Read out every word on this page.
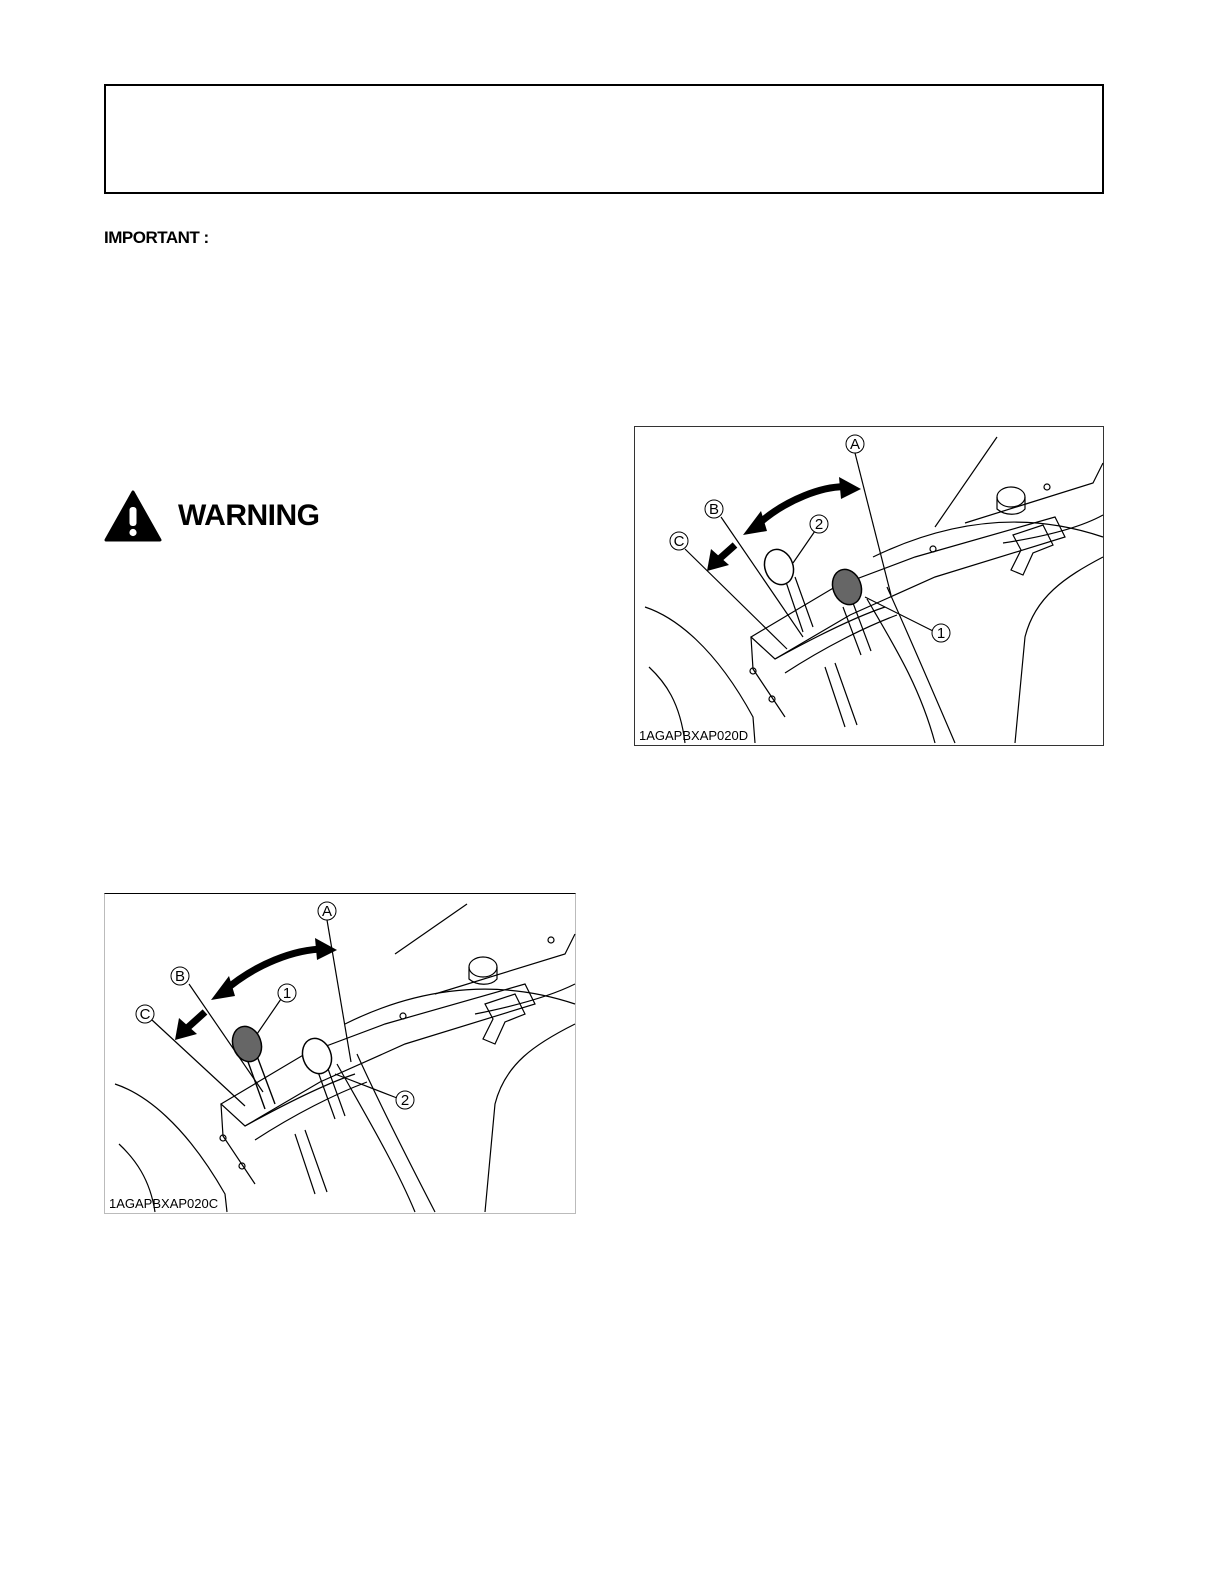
IMPORTANT :
WARNING
A
B
C
1
2
1AGAPBXAP020C
A
B
C
2
1
1AGAPBXAP020D
